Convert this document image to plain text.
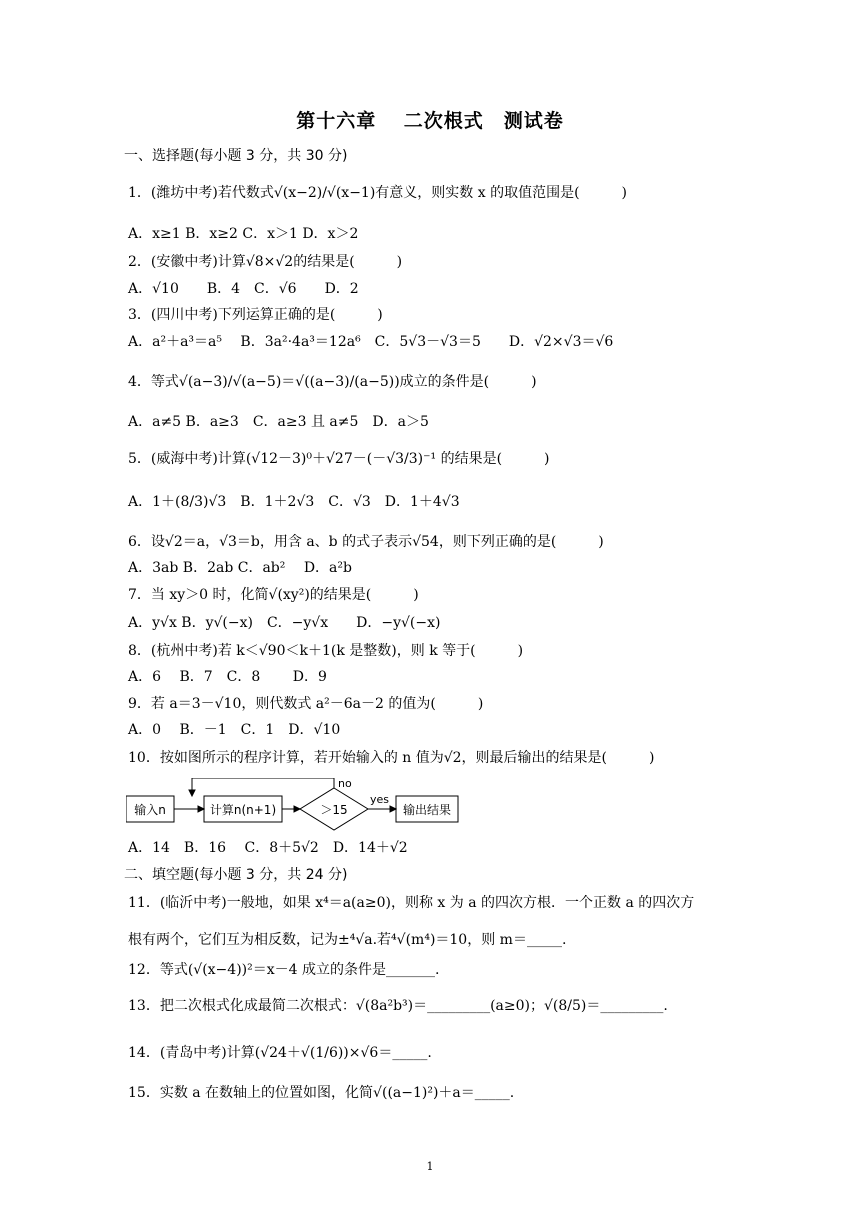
第十六章　 二次根式　测试卷
一、选择题(每小题 3 分，共 30 分)
1．(潍坊中考)若代数式√(x−2)/√(x−1)有意义，则实数 x 的取值范围是(　　　)
A．x≥1 B．x≥2 C．x＞1 D．x＞2
2．(安徽中考)计算√8×√2的结果是(　　　)
A．√10　　B．4　C．√6　　D．2
3．(四川中考)下列运算正确的是(　　　)
A．a²＋a³＝a⁵　 B．3a²·4a³＝12a⁶　C．5√3－√3＝5　　D．√2×√3＝√6
4．等式√(a−3)/√(a−5)＝√((a−3)/(a−5))成立的条件是(　　　)
A．a≠5 B．a≥3　C．a≥3 且 a≠5　D．a＞5
5．(威海中考)计算(√12－3)⁰＋√27－(－√3/3)⁻¹ 的结果是(　　　)
A．1＋(8/3)√3　B．1＋2√3　C．√3　D．1＋4√3
6．设√2＝a，√3＝b，用含 a、b 的式子表示√54，则下列正确的是(　　　)
A．3ab B．2ab C．ab²　 D．a²b
7．当 xy＞0 时，化简√(xy²)的结果是(　　　)
A．y√x B．y√(−x)　C．−y√x　　D．−y√(−x)
8．(杭州中考)若 k＜√90＜k＋1(k 是整数)，则 k 等于(　　　)
A．6　 B．7　C．8　　 D．9
9．若 a＝3－√10，则代数式 a²－6a－2 的值为(　　　)
A．0　 B．－1　C．1　D．√10
10．按如图所示的程序计算，若开始输入的 n 值为√2，则最后输出的结果是(　　　)
输入n	计算n(n+1)	＞15
no
yes
输出结果
A．14　B．16　 C．8＋5√2　D．14＋√2
二、填空题(每小题 3 分，共 24 分)
11．(临沂中考)一般地，如果 x⁴＝a(a≥0)，则称 x 为 a 的四次方根．一个正数 a 的四次方
根有两个，它们互为相反数，记为±⁴√a.若⁴√(m⁴)＝10，则 m＝_____.
12．等式(√(x−4))²＝x－4 成立的条件是_______.
13．把二次根式化成最简二次根式：√(8a²b³)＝_________(a≥0)；√(8/5)＝_________.
14．(青岛中考)计算(√24＋√(1/6))×√6＝_____.
15．实数 a 在数轴上的位置如图，化简√((a−1)²)＋a＝_____.
1
